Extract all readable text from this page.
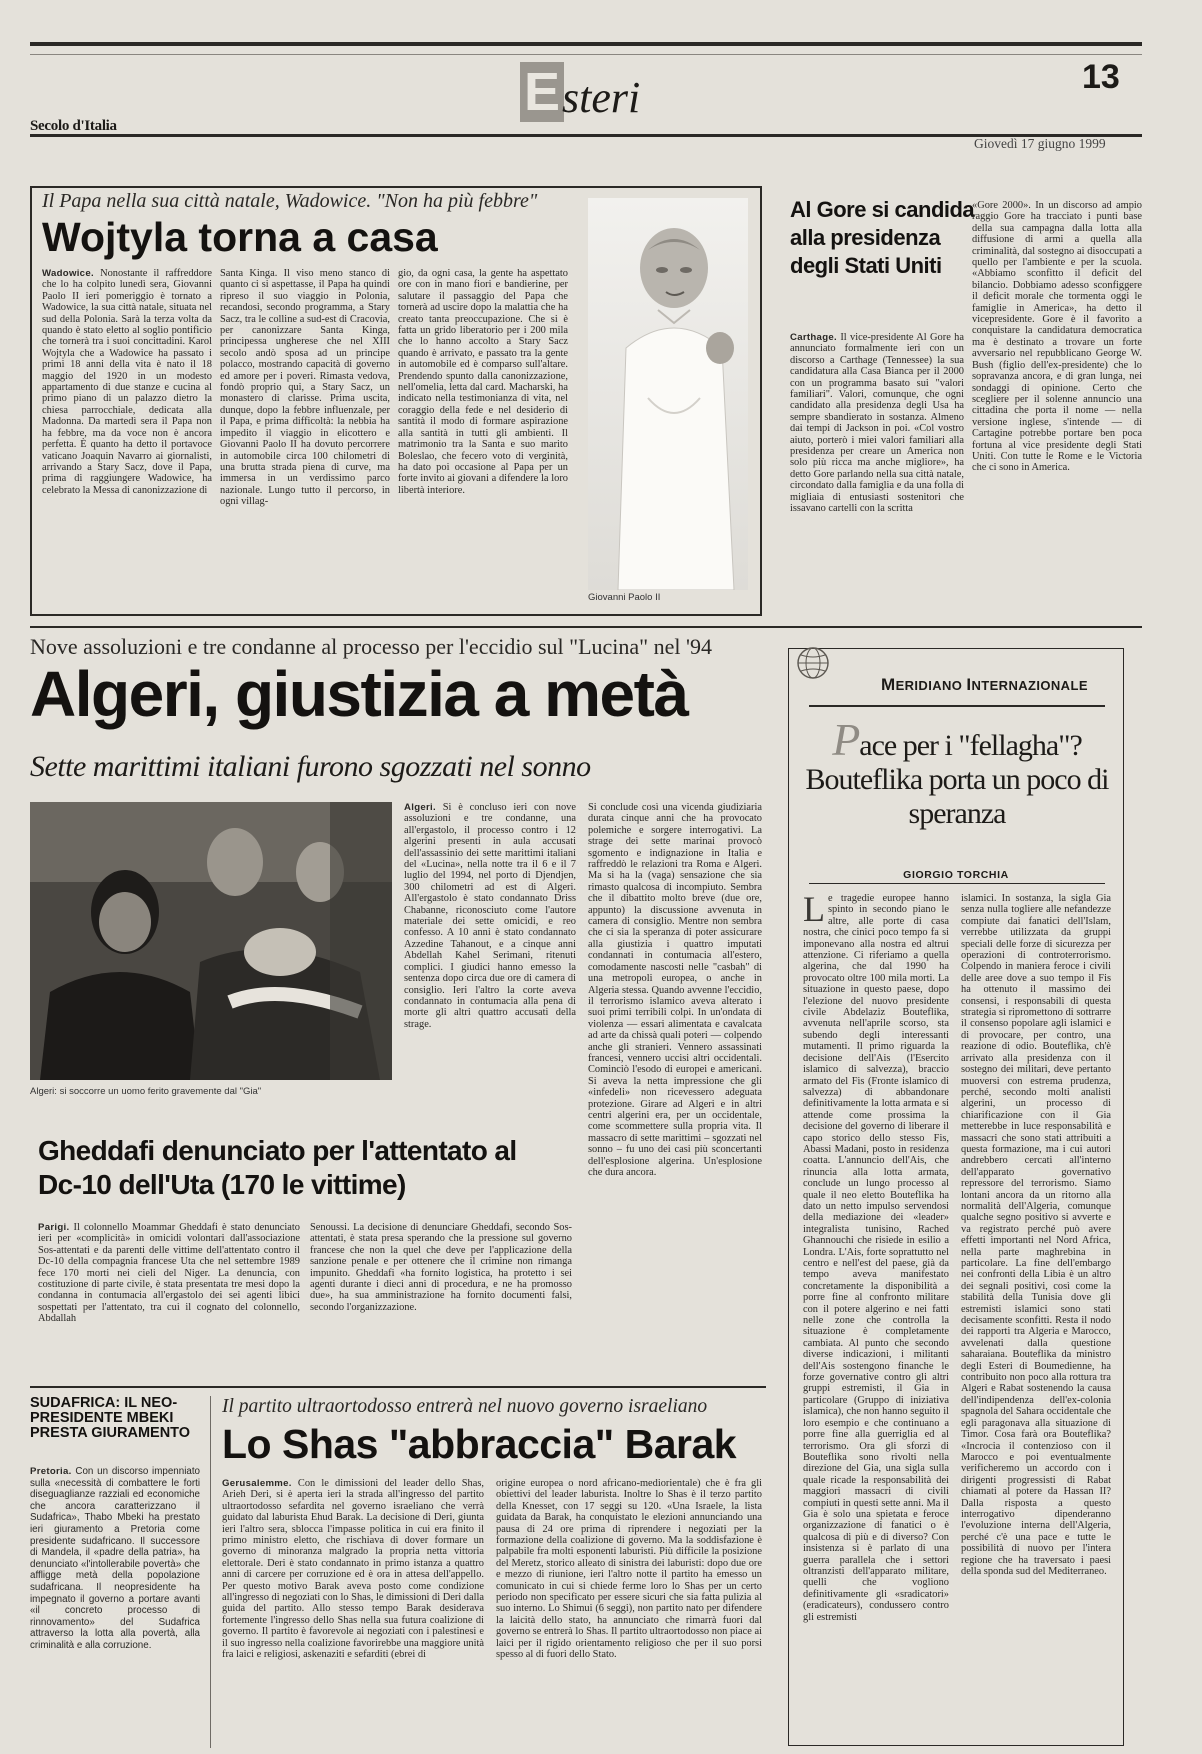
E steri	13
Secolo d'Italia
Giovedì 17 giugno 1999
Il Papa nella sua città natale, Wadowice. "Non ha più febbre"
Wojtyla torna a casa
Wadowice. Nonostante il raffreddore che lo ha colpito lunedì sera, Giovanni Paolo II ieri pomeriggio è tornato a Wadowice, la sua città natale, situata nel sud della Polonia. Sarà la terza volta da quando è stato eletto al soglio pontificio che tornerà tra i suoi concittadini. Karol Wojtyla che a Wadowice ha passato i primi 18 anni della vita è nato il 18 maggio del 1920 in un modesto appartamento di due stanze e cucina al primo piano di un palazzo dietro la chiesa parrocchiale, dedicata alla Madonna. Da martedì sera il Papa non ha febbre, ma da voce non è ancora perfetta. È quanto ha detto il portavoce vaticano Joaquin Navarro ai giornalisti, arrivando a Stary Sacz, dove il Papa, prima di raggiungere Wadowice, ha celebrato la Messa di canonizzazione di
Santa Kinga. Il viso meno stanco di quanto ci si aspettasse, il Papa ha quindi ripreso il suo viaggio in Polonia, recandosi, secondo programma, a Stary Sacz, tra le colline a sud-est di Cracovia, per canonizzare Santa Kinga, principessa ungherese che nel XIII secolo andò sposa ad un principe polacco, mostrando capacità di governo ed amore per i poveri. Rimasta vedova, fondò proprio qui, a Stary Sacz, un monastero di clarisse. Prima uscita, dunque, dopo la febbre influenzale, per il Papa, e prima difficoltà: la nebbia ha impedito il viaggio in elicottero e Giovanni Paolo II ha dovuto percorrere in automobile circa 100 chilometri di una brutta strada piena di curve, ma immersa in un verdissimo parco nazionale. Lungo tutto il percorso, in ogni villag-
gio, da ogni casa, la gente ha aspettato ore con in mano fiori e bandierine, per salutare il passaggio del Papa che tornerà ad uscire dopo la malattia che ha creato tanta preoccupazione. Che si è fatta un grido liberatorio per i 200 mila che lo hanno accolto a Stary Sacz quando è arrivato, e passato tra la gente in automobile ed è comparso sull'altare. Prendendo spunto dalla canonizzazione, nell'omelia, letta dal card. Macharski, ha indicato nella testimonianza di vita, nel coraggio della fede e nel desiderio di santità il modo di formare aspirazione alla santità in tutti gli ambienti. Il matrimonio tra la Santa e suo marito Boleslao, che fecero voto di verginità, ha dato poi occasione al Papa per un forte invito ai giovani a difendere la loro libertà interiore.
Giovanni Paolo II
Al Gore si candida alla presidenza degli Stati Uniti
Carthage. Il vice-presidente Al Gore ha annunciato formalmente ieri con un discorso a Carthage (Tennessee) la sua candidatura alla Casa Bianca per il 2000 con un programma basato sui "valori familiari". Valori, comunque, che ogni candidato alla presidenza degli Usa ha sempre sbandierato in sostanza. Almeno dai tempi di Jackson in poi. «Col vostro aiuto, porterò i miei valori familiari alla presidenza per creare un America non solo più ricca ma anche migliore», ha detto Gore parlando nella sua città natale, circondato dalla famiglia e da una folla di migliaia di entusiasti sostenitori che issavano cartelli con la scritta
«Gore 2000». In un discorso ad ampio raggio Gore ha tracciato i punti base della sua campagna dalla lotta alla diffusione di armi a quella alla criminalità, dal sostegno ai disoccupati a quello per l'ambiente e per la scuola. «Abbiamo sconfitto il deficit del bilancio. Dobbiamo adesso sconfiggere il deficit morale che tormenta oggi le famiglie in America», ha detto il vicepresidente. Gore è il favorito a conquistare la candidatura democratica ma è destinato a trovare un forte avversario nel repubblicano George W. Bush (figlio dell'ex-presidente) che lo sopravanza ancora, e di gran lunga, nei sondaggi di opinione. Certo che scegliere per il solenne annuncio una cittadina che porta il nome — nella versione inglese, s'intende — di Cartagine potrebbe portare ben poca fortuna al vice presidente degli Stati Uniti. Con tutte le Rome e le Victoria che ci sono in America.
Nove assoluzioni e tre condanne al processo per l'eccidio sul "Lucina" nel '94
Algeri, giustizia a metà
Sette marittimi italiani furono sgozzati nel sonno
Algeri: si soccorre un uomo ferito gravemente dal "Gia"
Algeri. Si è concluso ieri con nove assoluzioni e tre condanne, una all'ergastolo, il processo contro i 12 algerini presenti in aula accusati dell'assassinio dei sette marittimi italiani del «Lucina», nella notte tra il 6 e il 7 luglio del 1994, nel porto di Djendjen, 300 chilometri ad est di Algeri. All'ergastolo è stato condannato Driss Chabanne, riconosciuto come l'autore materiale dei sette omicidi, e reo confesso. A 10 anni è stato condannato Azzedine Tahanout, e a cinque anni Abdellah Kahel Serimani, ritenuti complici. I giudici hanno emesso la sentenza dopo circa due ore di camera di consiglio. Ieri l'altro la corte aveva condannato in contumacia alla pena di morte gli altri quattro accusati della strage.
Si conclude così una vicenda giudiziaria durata cinque anni che ha provocato polemiche e sorgere interrogativi. La strage dei sette marinai provocò sgomento e indignazione in Italia e raffreddò le relazioni tra Roma e Algeri. Ma si ha la (vaga) sensazione che sia rimasto qualcosa di incompiuto. Sembra che il dibattito molto breve (due ore, appunto) la discussione avvenuta in camera di consiglio. Mentre non sembra che ci sia la speranza di poter assicurare alla giustizia i quattro imputati condannati in contumacia all'estero, comodamente nascosti nelle "casbah" di una metropoli europea, o anche in Algeria stessa. Quando avvenne l'eccidio, il terrorismo islamico aveva alterato i suoi primi terribili colpi. In un'ondata di violenza — essari alimentata e cavalcata ad arte da chissà quali poteri — colpendo anche gli stranieri. Vennero assassinati francesi, vennero uccisi altri occidentali. Cominciò l'esodo di europei e americani. Si aveva la netta impressione che gli «infedeli» non ricevessero adeguata protezione. Girare ad Algeri e in altri centri algerini era, per un occidentale, come scommettere sulla propria vita. Il massacro di sette marittimi – sgozzati nel sonno – fu uno dei casi più sconcertanti dell'esplosione algerina. Un'esplosione che dura ancora.
Gheddafi denunciato per l'attentato al Dc-10 dell'Uta (170 le vittime)
Parigi. Il colonnello Moammar Gheddafi è stato denunciato ieri per «complicità» in omicidi volontari dall'associazione Sos-attentati e da parenti delle vittime dell'attentato contro il Dc-10 della compagnia francese Uta che nel settembre 1989 fece 170 morti nei cieli del Niger. La denuncia, con costituzione di parte civile, è stata presentata tre mesi dopo la condanna in contumacia all'ergastolo dei sei agenti libici sospettati per l'attentato, tra cui il cognato del colonnello, Abdallah
Senoussi. La decisione di denunciare Gheddafi, secondo Sos-attentati, è stata presa sperando che la pressione sul governo francese che non la quel che deve per l'applicazione della sanzione penale e per ottenere che il crimine non rimanga impunito. Gheddafi «ha fornito logistica, ha protetto i sei agenti durante i dieci anni di procedura, e ne ha promosso due», ha sua amministrazione ha fornito documenti falsi, secondo l'organizzazione.
MERIDIANO INTERNAZIONALE
Pace per i "fellagha"? Bouteflika porta un poco di speranza
GIORGIO TORCHIA
Le tragedie europee hanno spinto in secondo piano le altre, alle porte di casa nostra, che cinici poco tempo fa si imponevano alla nostra ed altrui attenzione. Ci riferiamo a quella algerina, che dal 1990 ha provocato oltre 100 mila morti. La situazione in questo paese, dopo l'elezione del nuovo presidente civile Abdelaziz Bouteflika, avvenuta nell'aprile scorso, sta subendo degli interessanti mutamenti. Il primo riguarda la decisione dell'Ais (l'Esercito islamico di salvezza), braccio armato del Fis (Fronte islamico di salvezza) di abbandonare definitivamente la lotta armata e si attende come prossima la decisione del governo di liberare il capo storico dello stesso Fis, Abassi Madani, posto in residenza coatta. L'annuncio dell'Ais, che rinuncia alla lotta armata, conclude un lungo processo al quale il neo eletto Bouteflika ha dato un netto impulso servendosi della mediazione dei «leader» integralista tunisino, Rached Ghannouchi che risiede in esilio a Londra. L'Ais, forte soprattutto nel centro e nell'est del paese, già da tempo aveva manifestato concretamente la disponibilità a porre fine al confronto militare con il potere algerino e nei fatti nelle zone che controlla la situazione è completamente cambiata. Al punto che secondo diverse indicazioni, i militanti dell'Ais sostengono finanche le forze governative contro gli altri gruppi estremisti, il Gia in particolare (Gruppo di iniziativa islamica), che non hanno seguito il loro esempio e che continuano a porre fine alla guerriglia ed al terrorismo. Ora gli sforzi di Bouteflika sono rivolti nella direzione del Gia, una sigla sulla quale ricade la responsabilità dei maggiori massacri di civili compiuti in questi sette anni. Ma il Gia è solo una spietata e feroce organizzazione di fanatici o è qualcosa di più e di diverso? Con insistenza si è parlato di una guerra parallela che i settori oltranzisti dell'apparato militare, quelli che vogliono definitivamente gli «sradicatori» (eradicateurs), condussero contro gli estremisti
islamici. In sostanza, la sigla Gia senza nulla togliere alle nefandezze compiute dai fanatici dell'Islam, verrebbe utilizzata da gruppi speciali delle forze di sicurezza per operazioni di controterrorismo. Colpendo in maniera feroce i civili delle aree dove a suo tempo il Fis ha ottenuto il massimo dei consensi, i responsabili di questa strategia si ripromettono di sottrarre il consenso popolare agli islamici e di provocare, per contro, una reazione di odio. Bouteflika, ch'è arrivato alla presidenza con il sostegno dei militari, deve pertanto muoversi con estrema prudenza, perché, secondo molti analisti algerini, un processo di chiarificazione con il Gia metterebbe in luce responsabilità e massacri che sono stati attribuiti a questa formazione, ma i cui autori andrebbero cercati all'interno dell'apparato governativo repressore del terrorismo. Siamo lontani ancora da un ritorno alla normalità dell'Algeria, comunque qualche segno positivo si avverte e va registrato perché può avere effetti importanti nel Nord Africa, nella parte maghrebina in particolare. La fine dell'embargo nei confronti della Libia è un altro dei segnali positivi, così come la stabilità della Tunisia dove gli estremisti islamici sono stati decisamente sconfitti. Resta il nodo dei rapporti tra Algeria e Marocco, avvelenati dalla questione saharaiana. Bouteflika da ministro degli Esteri di Boumedienne, ha contribuito non poco alla rottura tra Algeri e Rabat sostenendo la causa dell'indipendenza dell'ex-colonia spagnola del Sahara occidentale che egli paragonava alla situazione di Timor. Cosa farà ora Bouteflika? «Incrocia il contenzioso con il Marocco e poi eventualmente verificheremo un accordo con i dirigenti progressisti di Rabat chiamati al potere da Hassan II? Dalla risposta a questo interrogativo dipenderanno l'evoluzione interna dell'Algeria, perché c'è una pace e tutte le possibilità di nuovo per l'intera regione che ha traversato i paesi della sponda sud del Mediterraneo.
SUDAFRICA: IL NEO-PRESIDENTE MBEKI PRESTA GIURAMENTO
Pretoria. Con un discorso impenniato sulla «necessità di combattere le forti diseguaglianze razziali ed economiche che ancora caratterizzano il Sudafrica», Thabo Mbeki ha prestato ieri giuramento a Pretoria come presidente sudafricano. Il successore di Mandela, il «padre della patria», ha denunciato «l'intollerabile povertà» che affligge metà della popolazione sudafricana. Il neopresidente ha impegnato il governo a portare avanti «il concreto processo di rinnovamento» del Sudafrica attraverso la lotta alla povertà, alla criminalità e alla corruzione.
Il partito ultraortodosso entrerà nel nuovo governo israeliano
Lo Shas "abbraccia" Barak
Gerusalemme. Con le dimissioni del leader dello Shas, Arieh Deri, si è aperta ieri la strada all'ingresso del partito ultraortodosso sefardita nel governo israeliano che verrà guidato dal laburista Ehud Barak. La decisione di Deri, giunta ieri l'altro sera, sblocca l'impasse politica in cui era finito il primo ministro eletto, che rischiava di dover formare un governo di minoranza malgrado la propria netta vittoria elettorale. Deri è stato condannato in primo istanza a quattro anni di carcere per corruzione ed è ora in attesa dell'appello. Per questo motivo Barak aveva posto come condizione all'ingresso di negoziati con lo Shas, le dimissioni di Deri dalla guida del partito. Allo stesso tempo Barak desiderava fortemente l'ingresso dello Shas nella sua futura coalizione di governo. Il partito è favorevole ai negoziati con i palestinesi e il suo ingresso nella coalizione favorirebbe una maggiore unità fra laici e religiosi, askenaziti e sefarditi (ebrei di
origine europea o nord africano-mediorientale) che è fra gli obiettivi del leader laburista. Inoltre lo Shas è il terzo partito della Knesset, con 17 seggi su 120. «Una Israele, la lista guidata da Barak, ha conquistato le elezioni annunciando una pausa di 24 ore prima di riprendere i negoziati per la formazione della coalizione di governo. Ma la soddisfazione è palpabile fra molti esponenti laburisti. Più difficile la posizione del Meretz, storico alleato di sinistra dei laburisti: dopo due ore e mezzo di riunione, ieri l'altro notte il partito ha emesso un comunicato in cui si chiede ferme loro lo Shas per un certo periodo non specificato per essere sicuri che sia fatta pulizia al suo interno. Lo Shimui (6 seggi), non partito nato per difendere la laicità dello stato, ha annunciato che rimarrà fuori dal governo se entrerà lo Shas. Il partito ultraortodosso non piace ai laici per il rigido orientamento religioso che per il suo porsi spesso al di fuori dello Stato.
